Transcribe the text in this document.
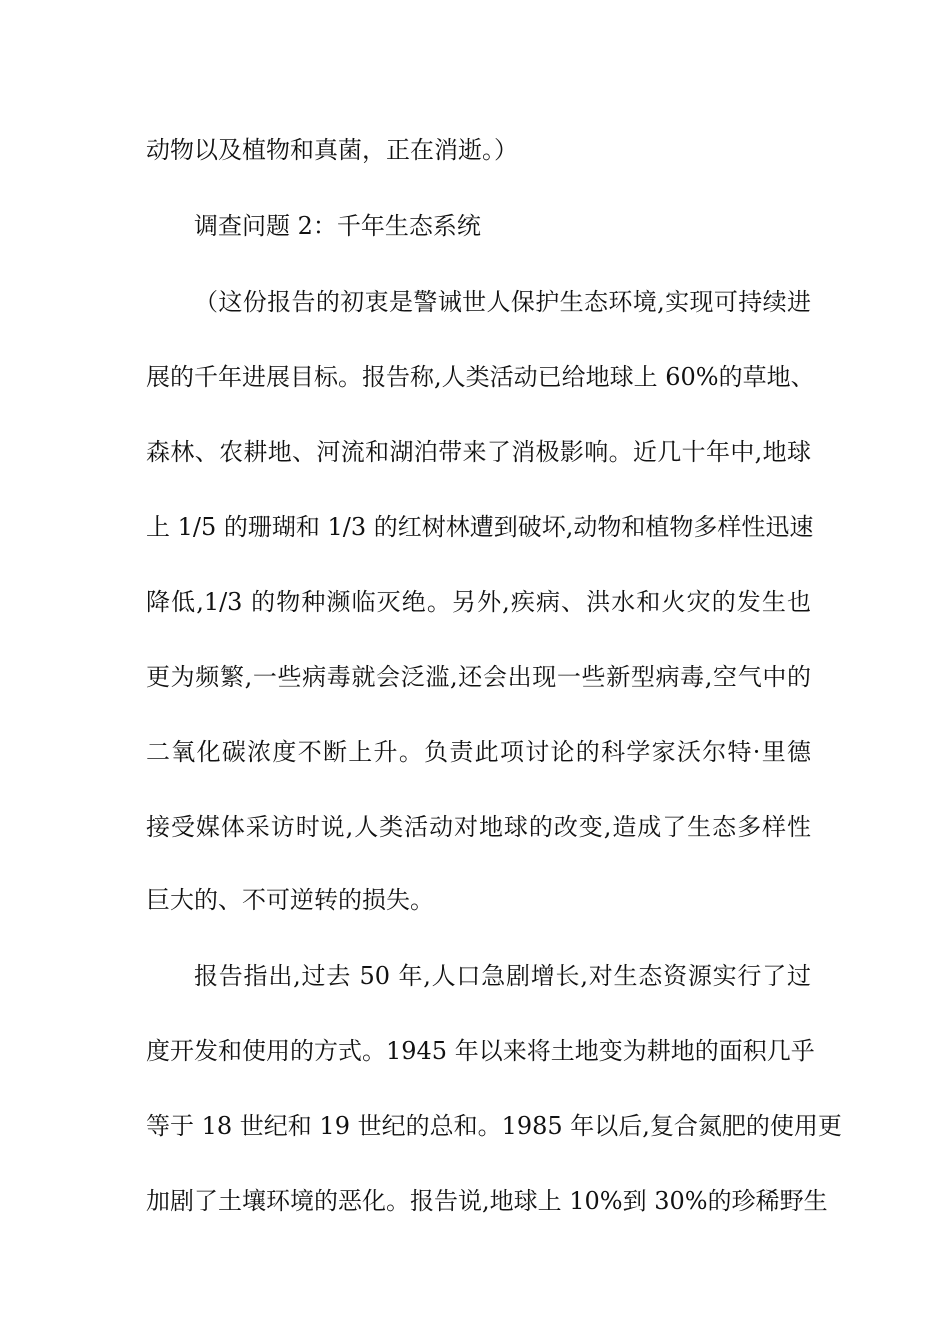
动物以及植物和真菌，正在消逝。）
调查问题 2：千年生态系统
（这份报告的初衷是警诫世人保护生态环境,实现可持续进
展的千年进展目标。报告称,人类活动已给地球上 60%的草地、
森林、农耕地、河流和湖泊带来了消极影响。近几十年中,地球
上 1/5 的珊瑚和 1/3 的红树林遭到破坏,动物和植物多样性迅速
降低,1/3 的物种濒临灭绝。另外,疾病、洪水和火灾的发生也
更为频繁,一些病毒就会泛滥,还会出现一些新型病毒,空气中的
二氧化碳浓度不断上升。负责此项讨论的科学家沃尔特·里德
接受媒体采访时说,人类活动对地球的改变,造成了生态多样性
巨大的、不可逆转的损失。
报告指出,过去 50 年,人口急剧增长,对生态资源实行了过
度开发和使用的方式。1945 年以来将土地变为耕地的面积几乎
等于 18 世纪和 19 世纪的总和。1985 年以后,复合氮肥的使用更
加剧了土壤环境的恶化。报告说,地球上 10%到 30%的珍稀野生
